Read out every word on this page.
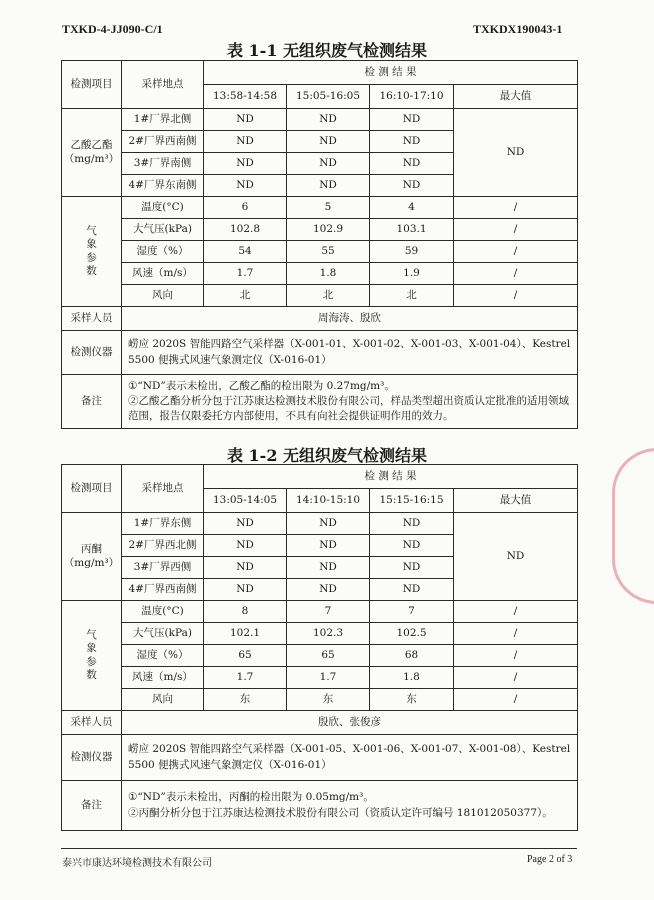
TXKD-4-JJ090-C/1	TXKDX190043-1
表 1-1 无组织废气检测结果
检测项目	采样地点	检 测 结 果			
		13:58-14:58	15:05-16:05	16:10-17:10	最大值

乙酸乙酯
（mg/m³）	1#厂界北侧	ND	ND	ND	ND
	2#厂界西南侧	ND	ND	ND	
	3#厂界南侧	ND	ND	ND	
	4#厂界东南侧	ND	ND	ND	

气
象
参
数	温度(°C)	6	5	4	/
	大气压(kPa)	102.8	102.9	103.1	/
	湿度（%）	54	55	59	/
	风速（m/s）	1.7	1.8	1.9	/
	风向	北	北	北	/
采样人员	周海涛、殷欣				
检测仪器	崂应 2020S 智能四路空气采样器（X-001-01、X-001-02、X-001-03、X-001-04）、Kestrel 5500 便携式风速气象测定仪（X-016-01）				
备注	①“ND”表示未检出，乙酸乙酯的检出限为 0.27mg/m³。
②乙酸乙酯分析分包于江苏康达检测技术股份有限公司，样品类型超出资质认定批准的适用领域范围，报告仅限委托方内部使用，不具有向社会提供证明作用的效力。				
表 1-2 无组织废气检测结果
检测项目	采样地点	检 测 结 果			
		13:05-14:05	14:10-15:10	15:15-16:15	最大值

丙酮
（mg/m³）	1#厂界东侧	ND	ND	ND	ND
	2#厂界西北侧	ND	ND	ND	
	3#厂界西侧	ND	ND	ND	
	4#厂界西南侧	ND	ND	ND	

气
象
参
数	温度(°C)	8	7	7	/
	大气压(kPa)	102.1	102.3	102.5	/
	湿度（%）	65	65	68	/
	风速（m/s）	1.7	1.7	1.8	/
	风向	东	东	东	/
采样人员	殷欣、张俊彦				
检测仪器	崂应 2020S 智能四路空气采样器（X-001-05、X-001-06、X-001-07、X-001-08）、Kestrel 5500 便携式风速气象测定仪（X-016-01）				
备注	①“ND”表示未检出，丙酮的检出限为 0.05mg/m³。
②丙酮分析分包于江苏康达检测技术股份有限公司（资质认定许可编号 181012050377）。				
泰兴市康达环境检测技术有限公司	Page 2 of 3
